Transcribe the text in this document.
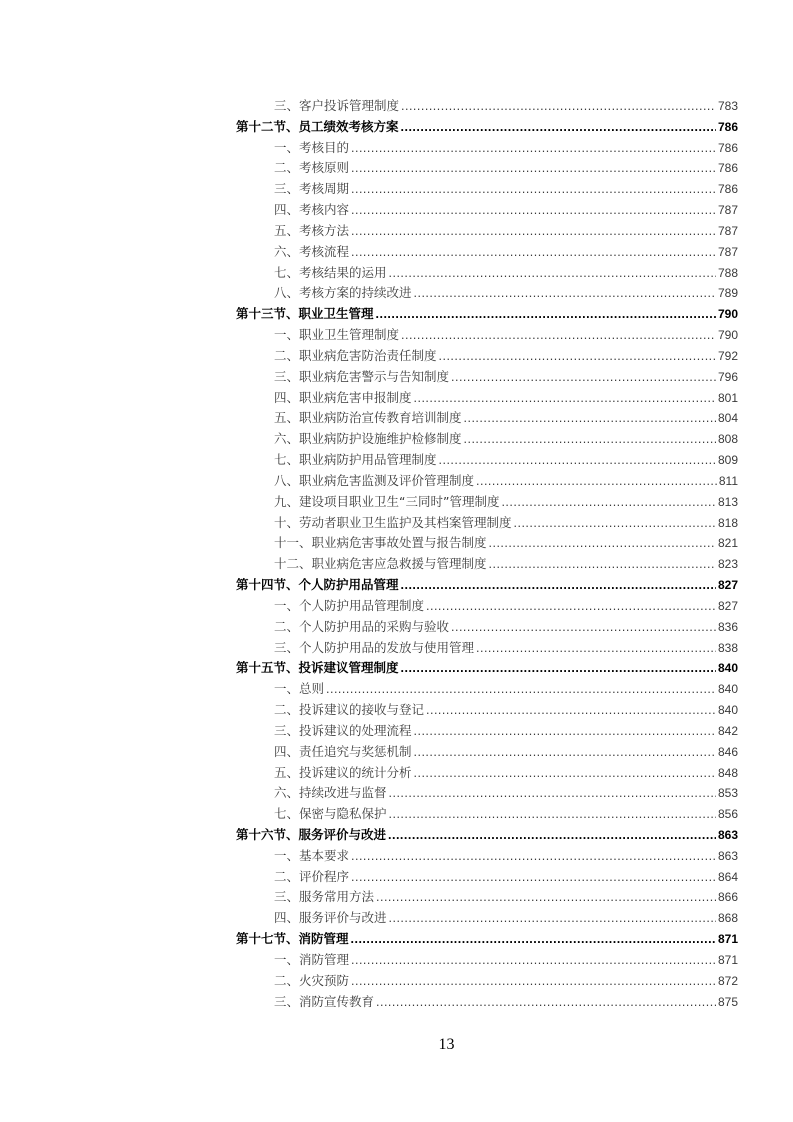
三、客户投诉管理制度 .....	783
第十二节、员工绩效考核方案 .....	786
一、考核目的 .....	786
二、考核原则 .....	786
三、考核周期 .....	786
四、考核内容 .....	787
五、考核方法 .....	787
六、考核流程 .....	787
七、考核结果的运用 .....	788
八、考核方案的持续改进 .....	789
第十三节、职业卫生管理 .....	790
一、职业卫生管理制度 .....	790
二、职业病危害防治责任制度 .....	792
三、职业病危害警示与告知制度 .....	796
四、职业病危害申报制度 .....	801
五、职业病防治宣传教育培训制度 .....	804
六、职业病防护设施维护检修制度 .....	808
七、职业病防护用品管理制度 .....	809
八、职业病危害监测及评价管理制度 .....	811
九、建设项目职业卫生“三同时”管理制度 .....	813
十、劳动者职业卫生监护及其档案管理制度 .....	818
十一、职业病危害事故处置与报告制度 .....	821
十二、职业病危害应急救援与管理制度 .....	823
第十四节、个人防护用品管理 .....	827
一、个人防护用品管理制度 .....	827
二、个人防护用品的采购与验收 .....	836
三、个人防护用品的发放与使用管理 .....	838
第十五节、投诉建议管理制度 .....	840
一、总则 .....	840
二、投诉建议的接收与登记 .....	840
三、投诉建议的处理流程 .....	842
四、责任追究与奖惩机制 .....	846
五、投诉建议的统计分析 .....	848
六、持续改进与监督 .....	853
七、保密与隐私保护 .....	856
第十六节、服务评价与改进 .....	863
一、基本要求 .....	863
二、评价程序 .....	864
三、服务常用方法 .....	866
四、服务评价与改进 .....	868
第十七节、消防管理 .....	871
一、消防管理 .....	871
二、火灾预防 .....	872
三、消防宣传教育 .....	875
13
